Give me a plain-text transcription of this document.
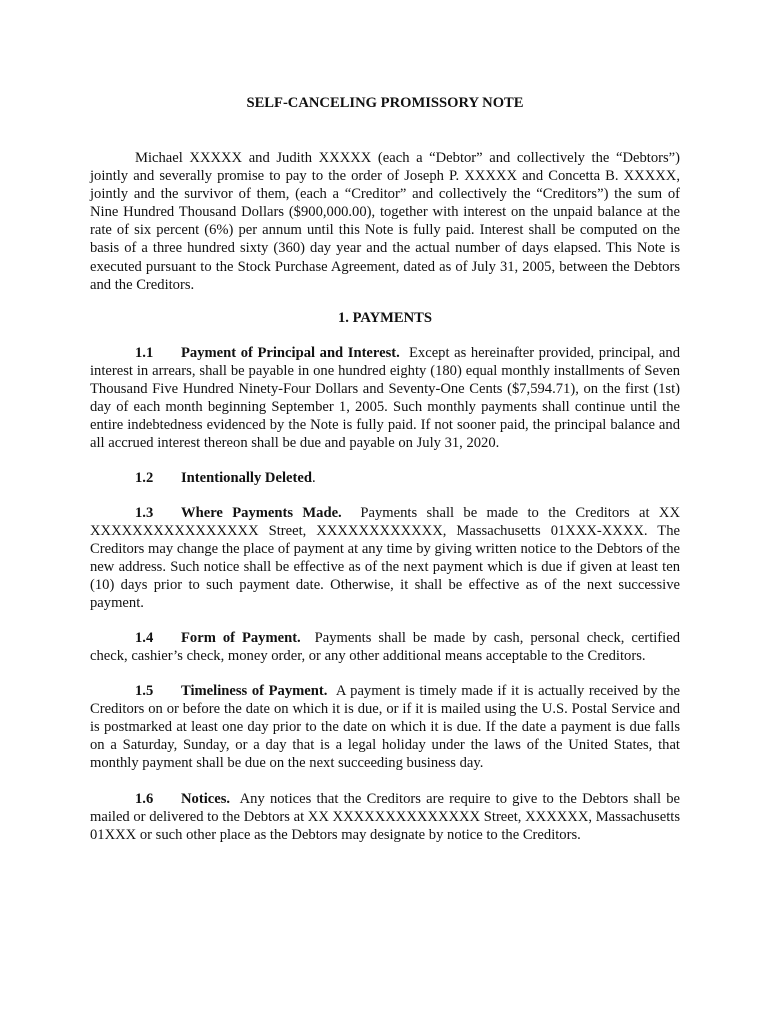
SELF-CANCELING PROMISSORY NOTE

Michael XXXXX and Judith XXXXX (each a “Debtor” and collectively the “Debtors”) jointly and severally promise to pay to the order of Joseph P. XXXXX and Concetta B. XXXXX, jointly and the survivor of them, (each a “Creditor” and collectively the “Creditors”) the sum of Nine Hundred Thousand Dollars ($900,000.00), together with interest on the unpaid balance at the rate of six percent (6%) per annum until this Note is fully paid. Interest shall be computed on the basis of a three hundred sixty (360) day year and the actual number of days elapsed. This Note is executed pursuant to the Stock Purchase Agreement, dated as of July 31, 2005, between the Debtors and the Creditors.

1. PAYMENTS

1.1 Payment of Principal and Interest. Except as hereinafter provided, principal, and interest in arrears, shall be payable in one hundred eighty (180) equal monthly installments of Seven Thousand Five Hundred Ninety-Four Dollars and Seventy-One Cents ($7,594.71), on the first (1st) day of each month beginning September 1, 2005. Such monthly payments shall continue until the entire indebtedness evidenced by the Note is fully paid. If not sooner paid, the principal balance and all accrued interest thereon shall be due and payable on July 31, 2020.

1.2 Intentionally Deleted.

1.3 Where Payments Made. Payments shall be made to the Creditors at XX XXXXXXXXXXXXXXXX Street, XXXXXXXXXXXX, Massachusetts 01XXX-XXXX. The Creditors may change the place of payment at any time by giving written notice to the Debtors of the new address. Such notice shall be effective as of the next payment which is due if given at least ten (10) days prior to such payment date. Otherwise, it shall be effective as of the next successive payment.

1.4 Form of Payment. Payments shall be made by cash, personal check, certified check, cashier’s check, money order, or any other additional means acceptable to the Creditors.

1.5 Timeliness of Payment. A payment is timely made if it is actually received by the Creditors on or before the date on which it is due, or if it is mailed using the U.S. Postal Service and is postmarked at least one day prior to the date on which it is due. If the date a payment is due falls on a Saturday, Sunday, or a day that is a legal holiday under the laws of the United States, that monthly payment shall be due on the next succeeding business day.

1.6 Notices. Any notices that the Creditors are require to give to the Debtors shall be mailed or delivered to the Debtors at XX XXXXXXXXXXXXXX Street, XXXXXX, Massachusetts 01XXX or such other place as the Debtors may designate by notice to the Creditors.
